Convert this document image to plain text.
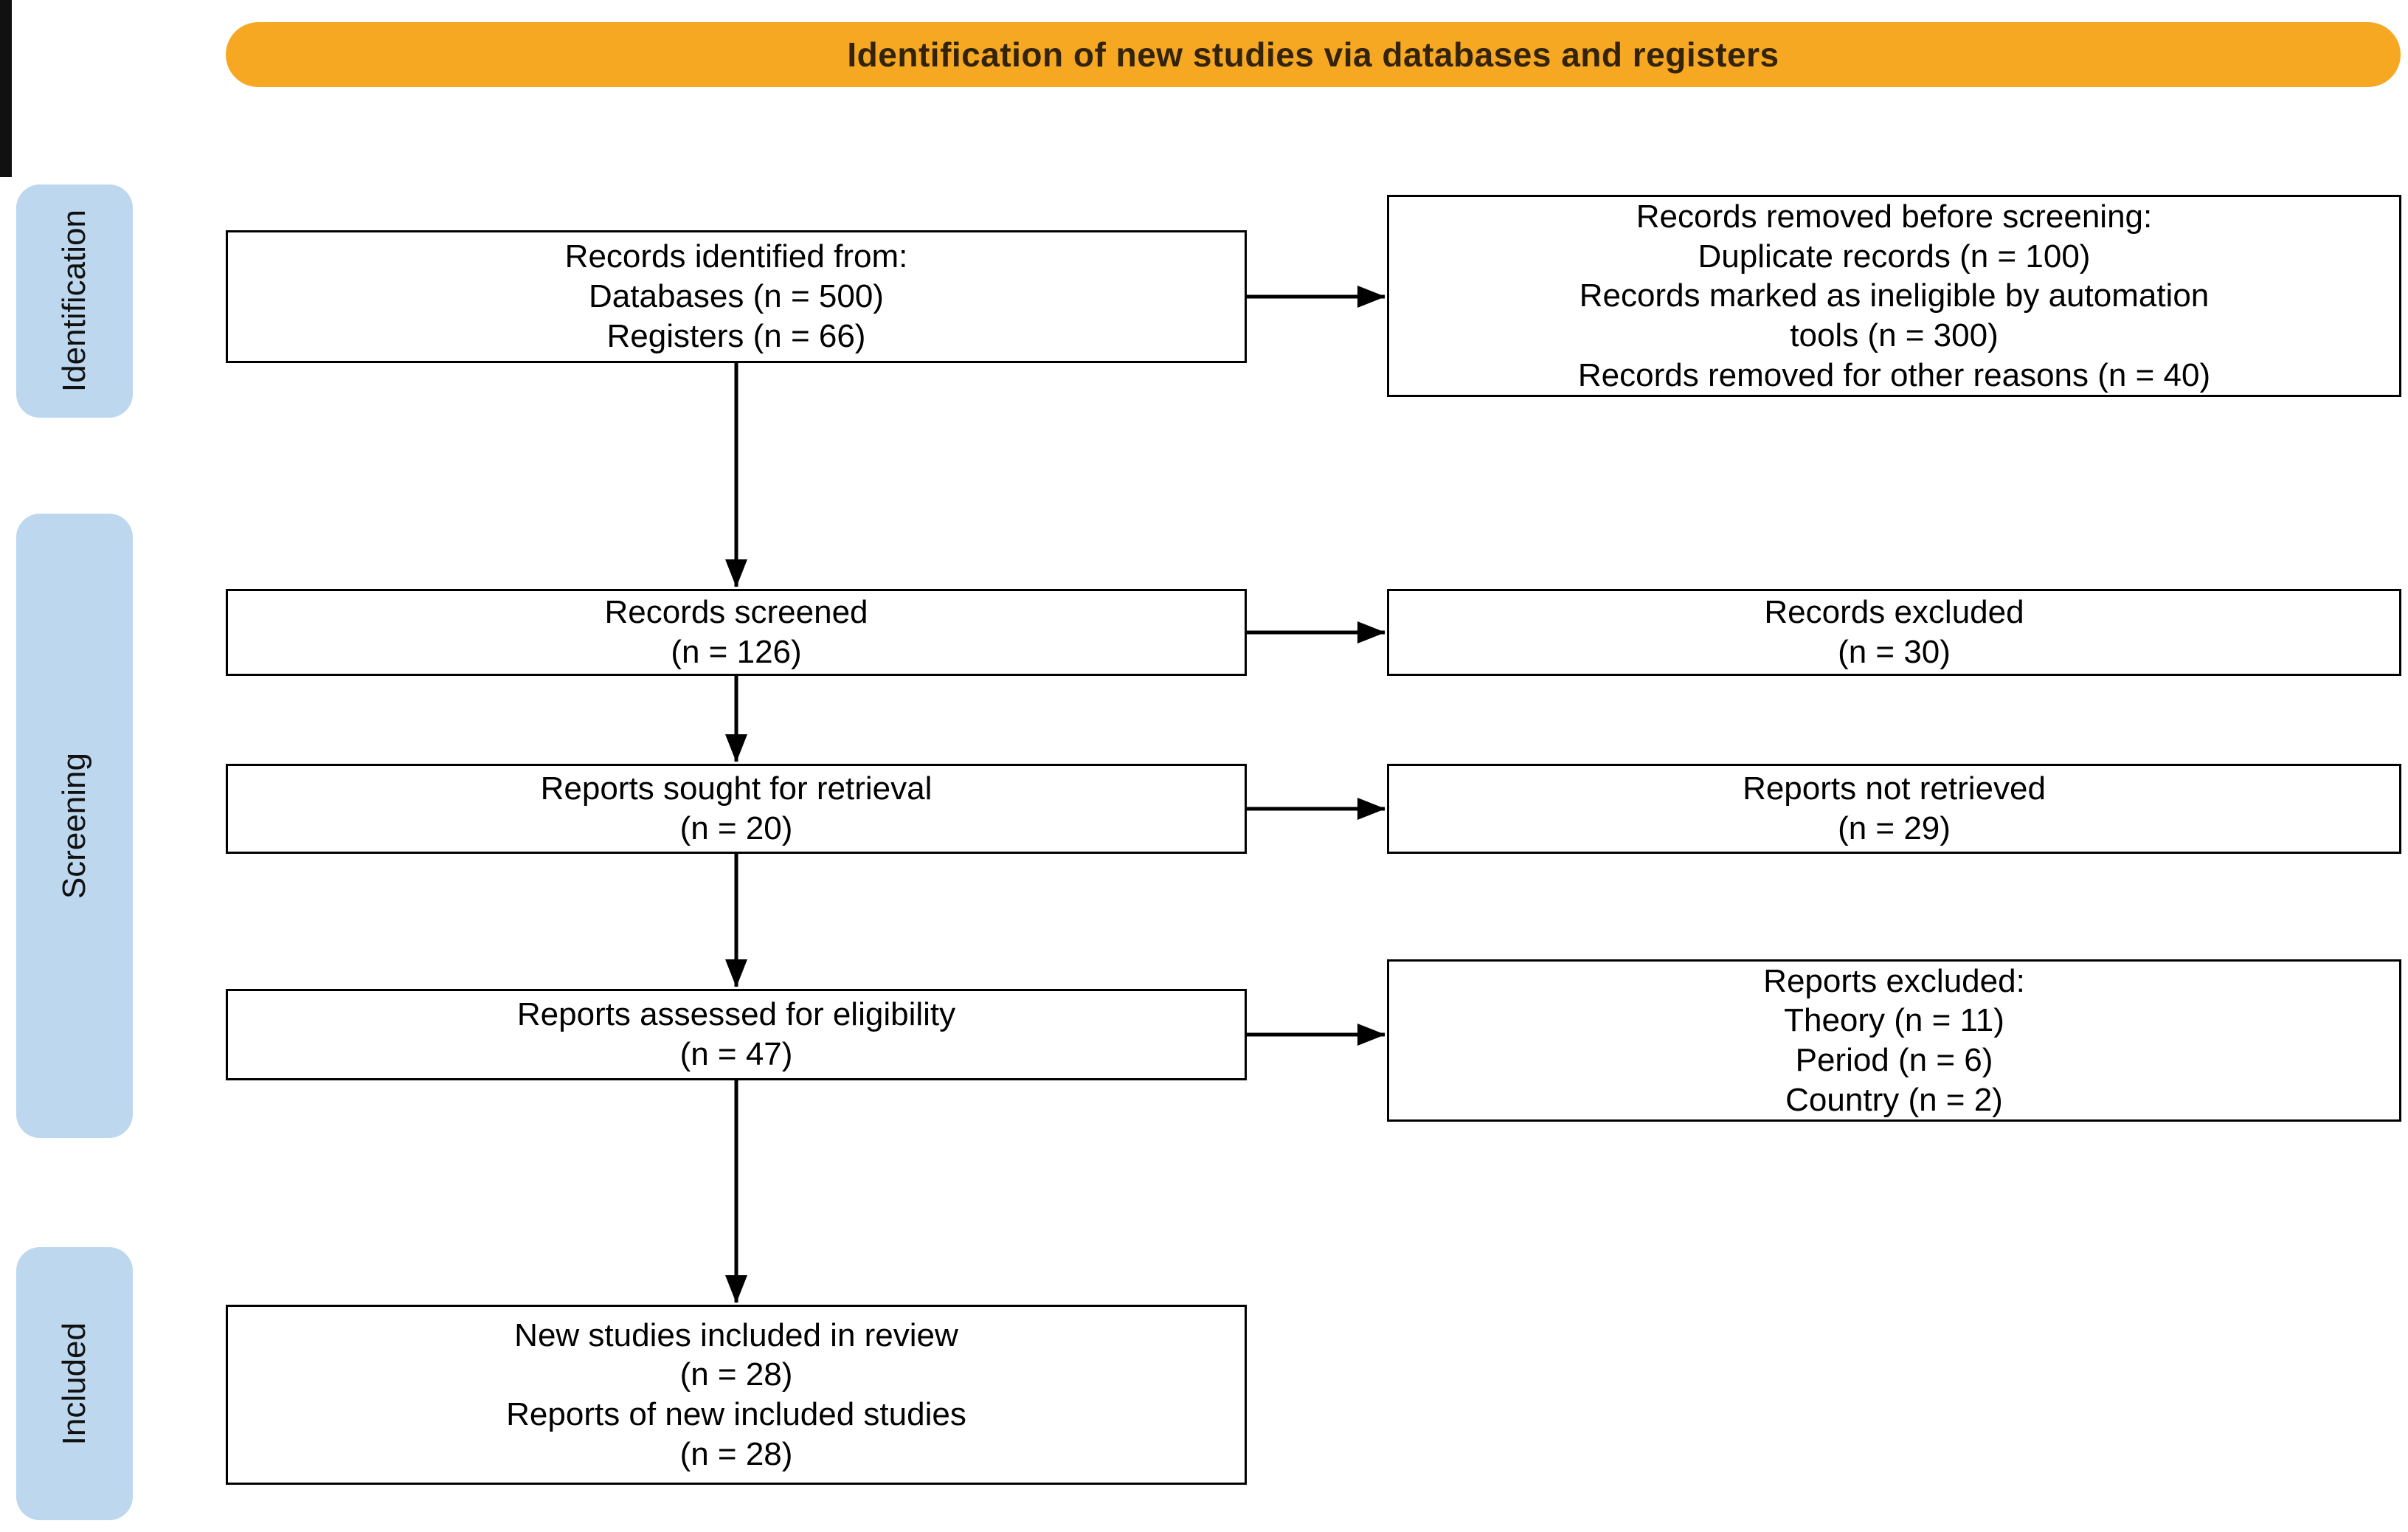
Identification of new studies via databases and registers
Identification
Screening
Included
Records identified from:
Databases (n = 500)
Registers (n = 66)
Records screened
(n = 126)
Reports sought for retrieval
(n = 20)
Reports assessed for eligibility
(n = 47)
New studies included in review
(n = 28)
Reports of new included studies
(n = 28)
Records removed before screening:
Duplicate records (n = 100)
Records marked as ineligible by automation
tools (n = 300)
Records removed for other reasons (n = 40)
Records excluded
(n = 30)
Reports not retrieved
(n = 29)
Reports excluded:
Theory (n = 11)
Period (n = 6)
Country (n = 2)
